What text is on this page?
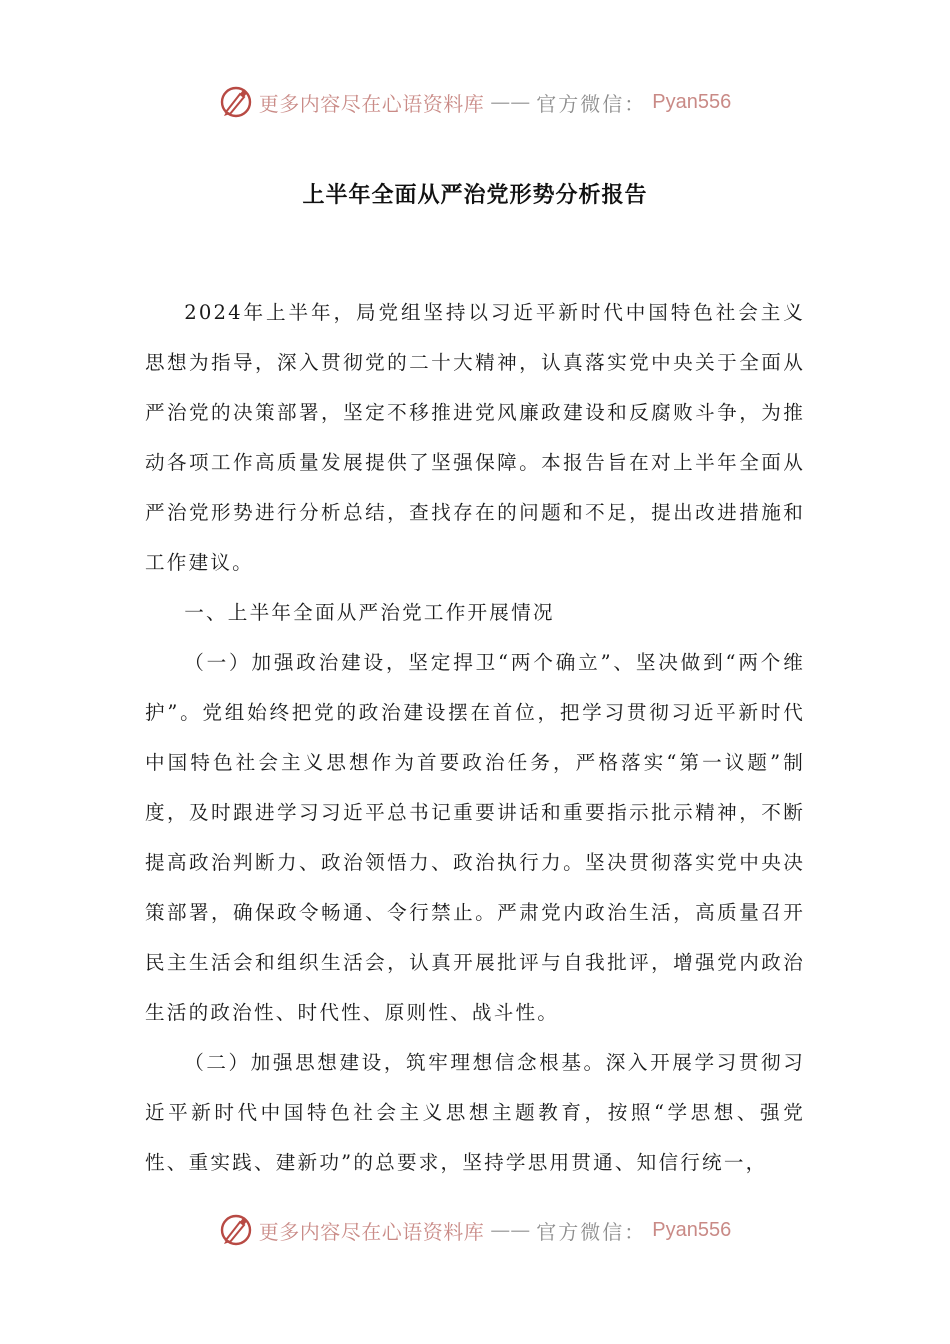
更多内容尽在心语资料库 —— 官方微信： Pyan556
上半年全面从严治党形势分析报告

2024年上半年，局党组坚持以习近平新时代中国特色社会主义思想为指导，深入贯彻党的二十大精神，认真落实党中央关于全面从严治党的决策部署，坚定不移推进党风廉政建设和反腐败斗争，为推动各项工作高质量发展提供了坚强保障。本报告旨在对上半年全面从严治党形势进行分析总结，查找存在的问题和不足，提出改进措施和工作建议。

一、上半年全面从严治党工作开展情况

（一）加强政治建设，坚定捍卫“两个确立”、坚决做到“两个维护”。党组始终把党的政治建设摆在首位，把学习贯彻习近平新时代中国特色社会主义思想作为首要政治任务，严格落实“第一议题”制度，及时跟进学习习近平总书记重要讲话和重要指示批示精神，不断提高政治判断力、政治领悟力、政治执行力。坚决贯彻落实党中央决策部署，确保政令畅通、令行禁止。严肃党内政治生活，高质量召开民主生活会和组织生活会，认真开展批评与自我批评，增强党内政治生活的政治性、时代性、原则性、战斗性。

（二）加强思想建设，筑牢理想信念根基。深入开展学习贯彻习近平新时代中国特色社会主义思想主题教育，按照“学思想、强党性、重实践、建新功”的总要求，坚持学思用贯通、知信行统一，

更多内容尽在心语资料库 —— 官方微信： Pyan556
